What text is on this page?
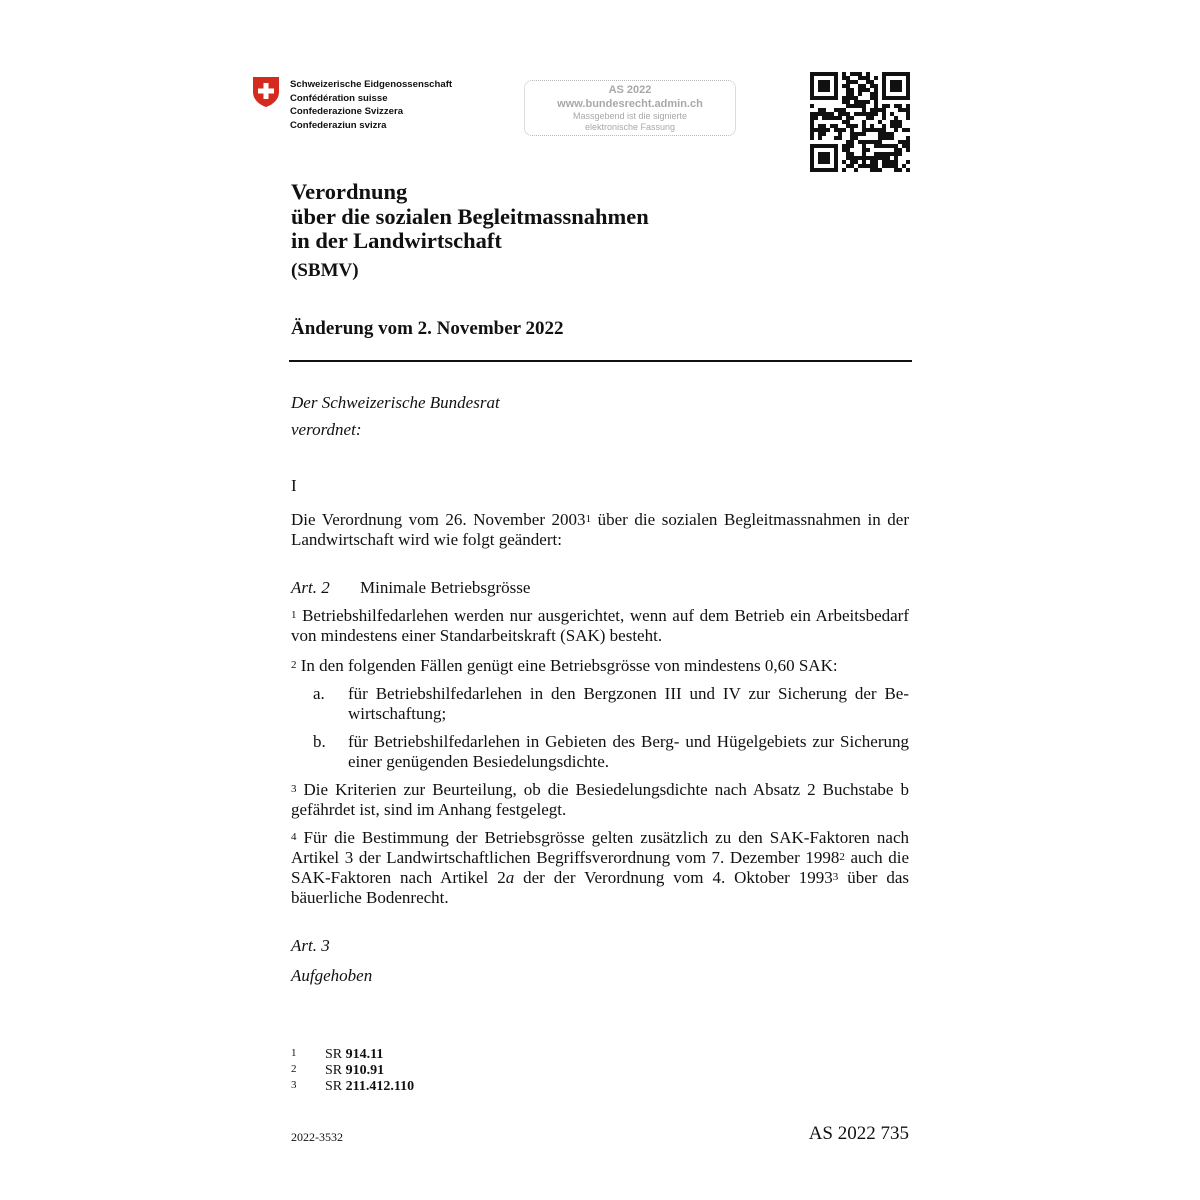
Schweizerische Eidgenossenschaft
Confédération suisse
Confederazione Svizzera
Confederaziun svizra
AS 2022
www.bundesrecht.admin.ch
Massgebend ist die signierte
elektronische Fassung
Verordnung
über die sozialen Begleitmassnahmen
in der Landwirtschaft
(SBMV)
Änderung vom 2. November 2022
Der Schweizerische Bundesrat
verordnet:
I
Die Verordnung vom 26. November 2003$^1$ über die sozialen Begleitmassnahmen in der Landwirtschaft wird wie folgt geändert:
Art. 2 Minimale Betriebsgrösse
$^1$ Betriebshilfedarlehen werden nur ausgerichtet, wenn auf dem Betrieb ein Arbeitsbedarf von mindestens einer Standarbeitskraft (SAK) besteht.
$^2$ In den folgenden Fällen genügt eine Betriebsgrösse von mindestens 0,60 SAK:
a. für Betriebshilfedarlehen in den Bergzonen III und IV zur Sicherung der Bewirtschaftung;
b. für Betriebshilfedarlehen in Gebieten des Berg- und Hügelgebiets zur Sicherung einer genügenden Besiedelungsdichte.
$^3$ Die Kriterien zur Beurteilung, ob die Besiedelungsdichte nach Absatz 2 Buchstabe b gefährdet ist, sind im Anhang festgelegt.
$^4$ Für die Bestimmung der Betriebsgrösse gelten zusätzlich zu den SAK-Faktoren nach Artikel 3 der Landwirtschaftlichen Begriffsverordnung vom 7. Dezember 1998$^2$ auch die SAK-Faktoren nach Artikel 2a der der Verordnung vom 4. Oktober 1993$^3$ über das bäuerliche Bodenrecht.
Art. 3
Aufgehoben
1 SR 914.11
2 SR 910.91
3 SR 211.412.110
2022-3532	AS 2022 735
